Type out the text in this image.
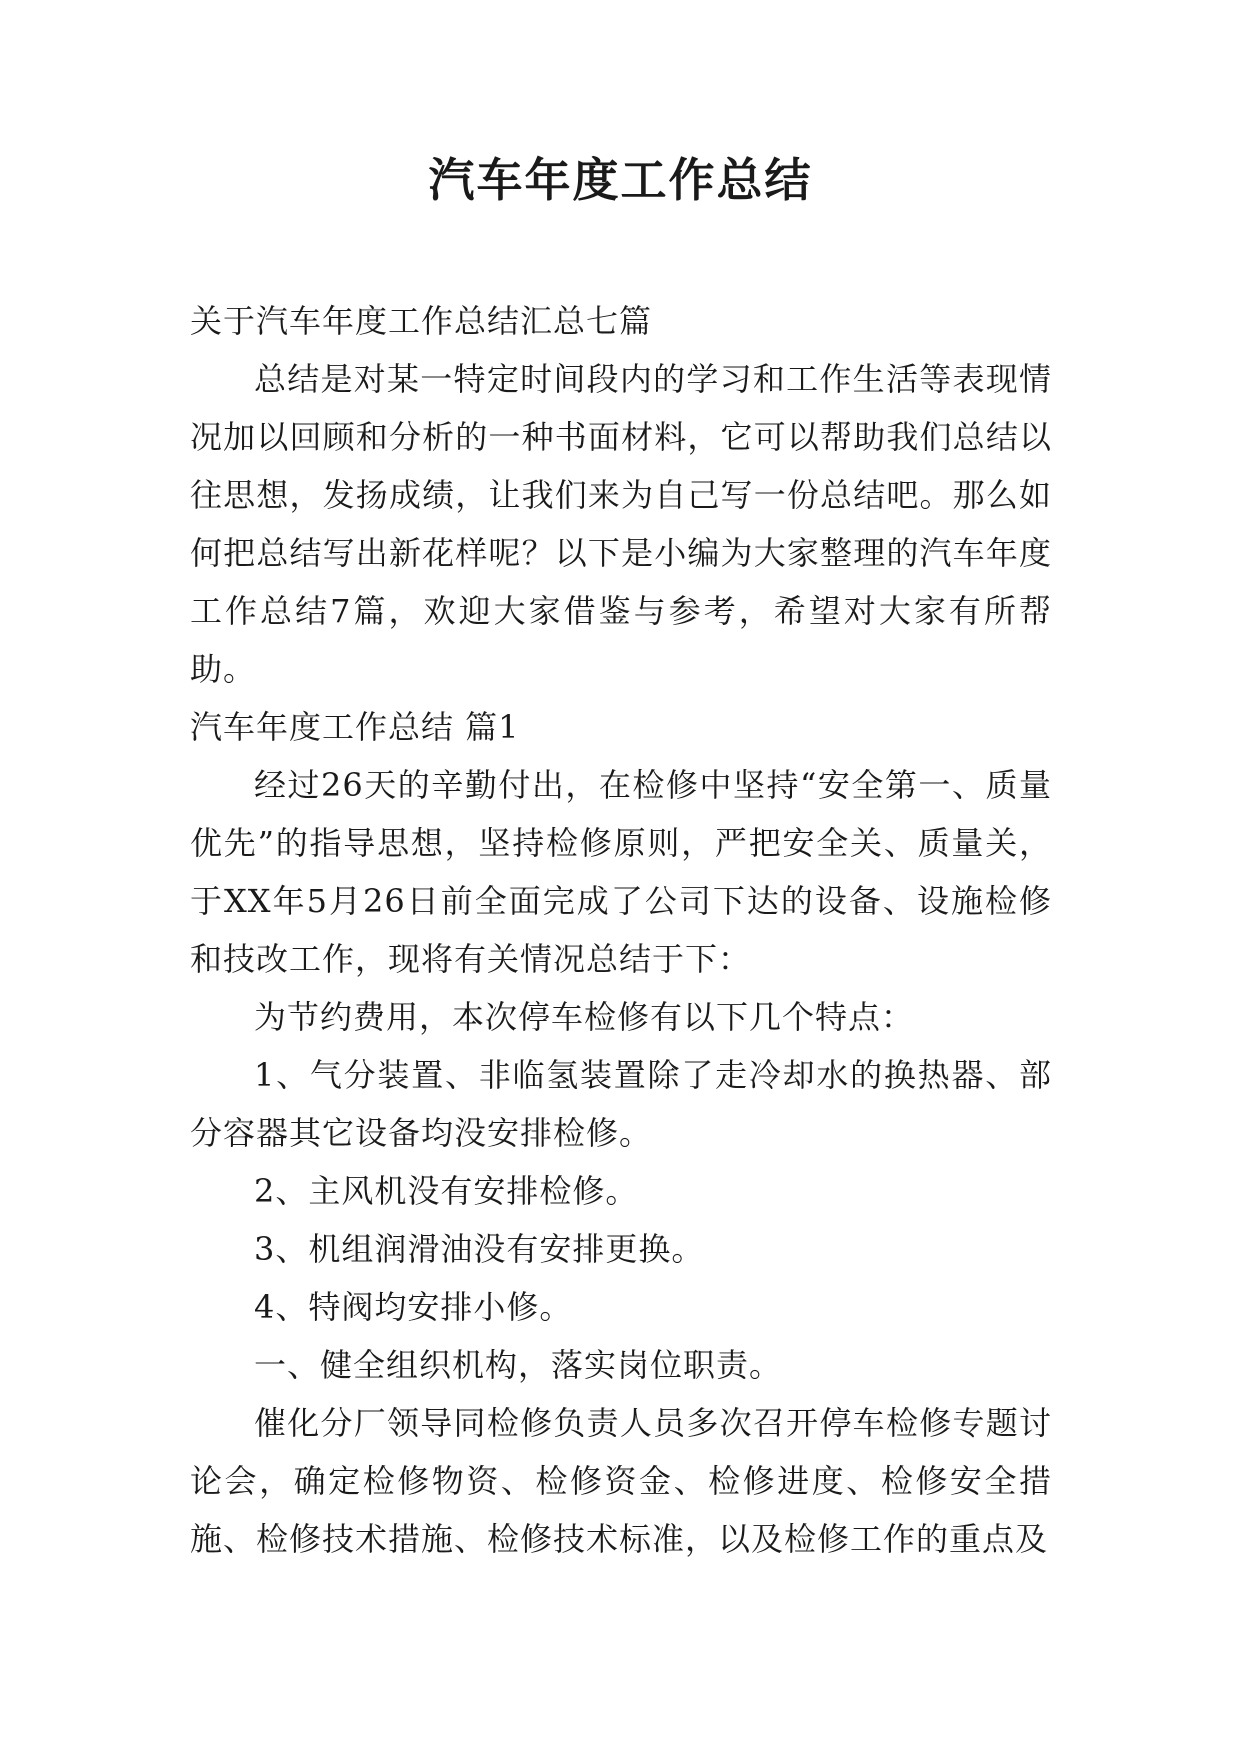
汽车年度工作总结

关于汽车年度工作总结汇总七篇

总结是对某一特定时间段内的学习和工作生活等表现情况加以回顾和分析的一种书面材料，它可以帮助我们总结以往思想，发扬成绩，让我们来为自己写一份总结吧。那么如何把总结写出新花样呢？以下是小编为大家整理的汽车年度工作总结7篇，欢迎大家借鉴与参考，希望对大家有所帮助。

汽车年度工作总结 篇1

经过26天的辛勤付出，在检修中坚持“安全第一、质量优先”的指导思想，坚持检修原则，严把安全关、质量关，于XX年5月26日前全面完成了公司下达的设备、设施检修和技改工作，现将有关情况总结于下：

为节约费用，本次停车检修有以下几个特点：

1、气分装置、非临氢装置除了走冷却水的换热器、部分容器其它设备均没安排检修。

2、主风机没有安排检修。

3、机组润滑油没有安排更换。

4、特阀均安排小修。

一、健全组织机构，落实岗位职责。

催化分厂领导同检修负责人员多次召开停车检修专题讨论会，确定检修物资、检修资金、检修进度、检修安全措施、检修技术措施、检修技术标准，以及检修工作的重点及
